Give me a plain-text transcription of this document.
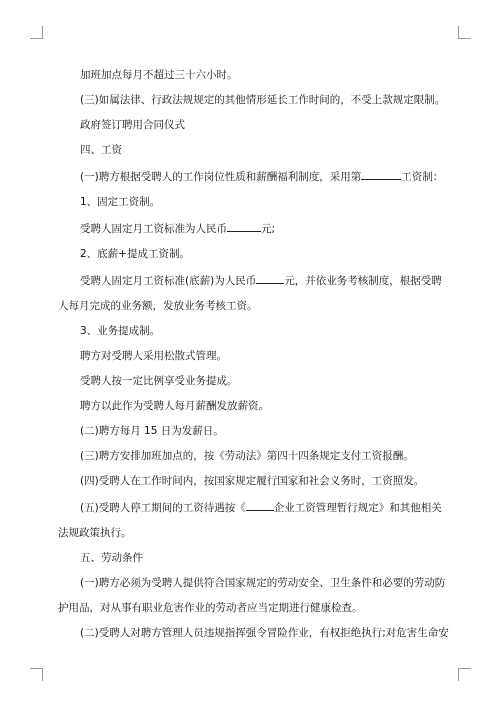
加班加点每月不超过三十六小时。

(三)如属法律、行政法规规定的其他情形延长工作时间的，不受上款规定限制。

政府签订聘用合同仪式

四、工资

(一)聘方根据受聘人的工作岗位性质和薪酬福利制度，采用第	工资制：

1、固定工资制。

受聘人固定月工资标准为人民币	元;

2、底薪+提成工资制。

受聘人固定月工资标准(底薪)为人民币	元，并依业务考核制度，根据受聘

人每月完成的业务额，发放业务考核工资。

3、业务提成制。

聘方对受聘人采用松散式管理。

受聘人按一定比例享受业务提成。

聘方以此作为受聘人每月薪酬发放薪资。

(二)聘方每月 15 日为发薪日。

(三)聘方安排加班加点的，按《劳动法》第四十四条规定支付工资报酬。

(四)受聘人在工作时间内，按国家规定履行国家和社会义务时，工资照发。

(五)受聘人停工期间的工资待遇按《	企业工资管理暂行规定》和其他相关

法规政策执行。

五、劳动条件

(一)聘方必须为受聘人提供符合国家规定的劳动安全、卫生条件和必要的劳动防

护用品，对从事有职业危害作业的劳动者应当定期进行健康检查。

(二)受聘人对聘方管理人员违规指挥强令冒险作业，有权拒绝执行;对危害生命安
